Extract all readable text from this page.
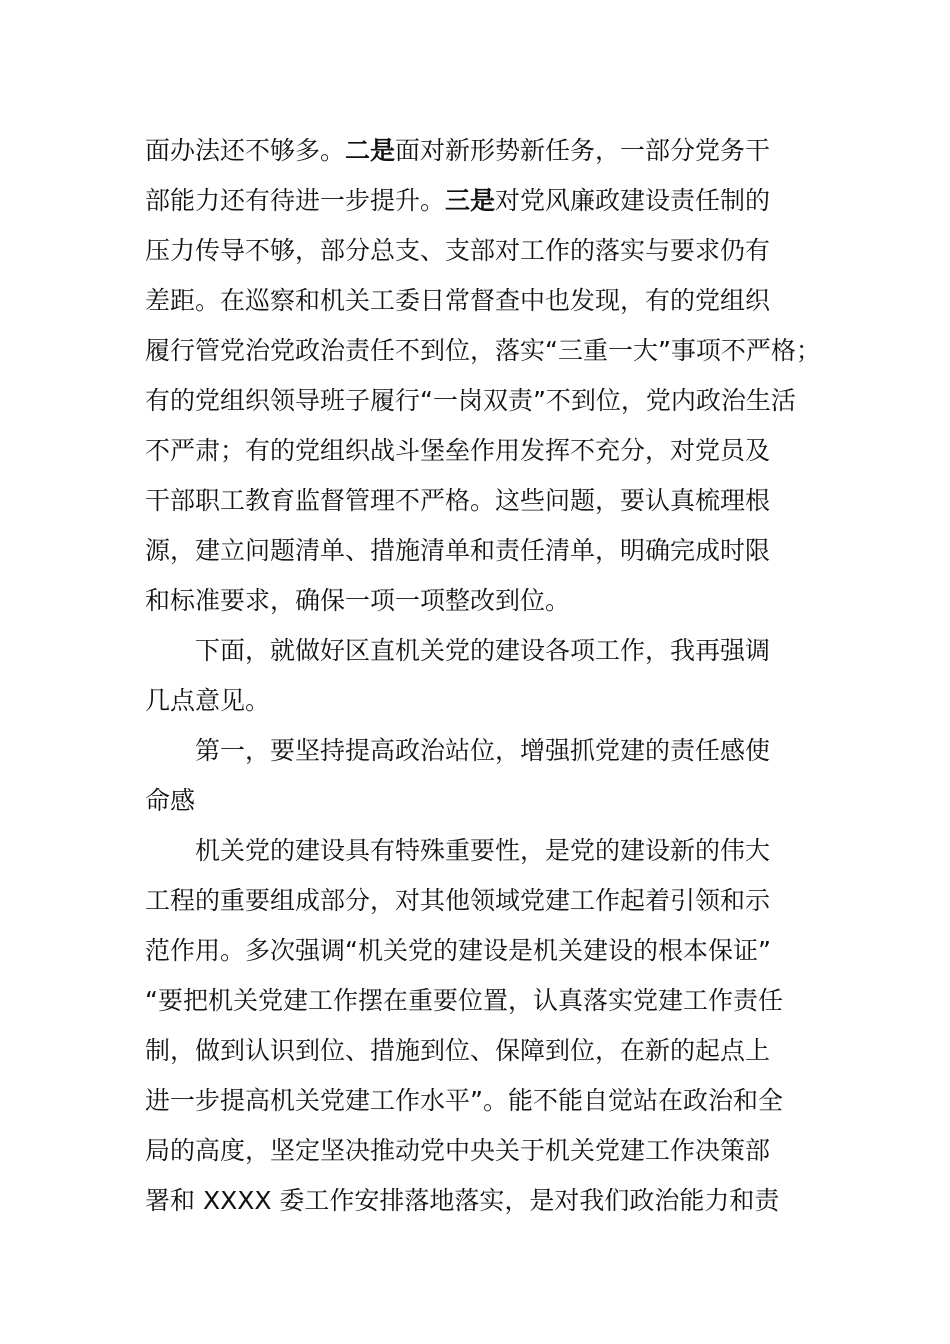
面办法还不够多。二是面对新形势新任务，一部分党务干
部能力还有待进一步提升。三是对党风廉政建设责任制的
压力传导不够，部分总支、支部对工作的落实与要求仍有
差距。在巡察和机关工委日常督查中也发现，有的党组织
履行管党治党政治责任不到位，落实“三重一大”事项不严格；
有的党组织领导班子履行“一岗双责”不到位，党内政治生活
不严肃；有的党组织战斗堡垒作用发挥不充分，对党员及
干部职工教育监督管理不严格。这些问题，要认真梳理根
源，建立问题清单、措施清单和责任清单，明确完成时限
和标准要求，确保一项一项整改到位。
下面，就做好区直机关党的建设各项工作，我再强调
几点意见。
第一，要坚持提高政治站位，增强抓党建的责任感使
命感
机关党的建设具有特殊重要性，是党的建设新的伟大
工程的重要组成部分，对其他领域党建工作起着引领和示
范作用。多次强调“机关党的建设是机关建设的根本保证”
“要把机关党建工作摆在重要位置，认真落实党建工作责任
制，做到认识到位、措施到位、保障到位，在新的起点上
进一步提高机关党建工作水平”。能不能自觉站在政治和全
局的高度，坚定坚决推动党中央关于机关党建工作决策部
署和 XXXX 委工作安排落地落实，是对我们政治能力和责
